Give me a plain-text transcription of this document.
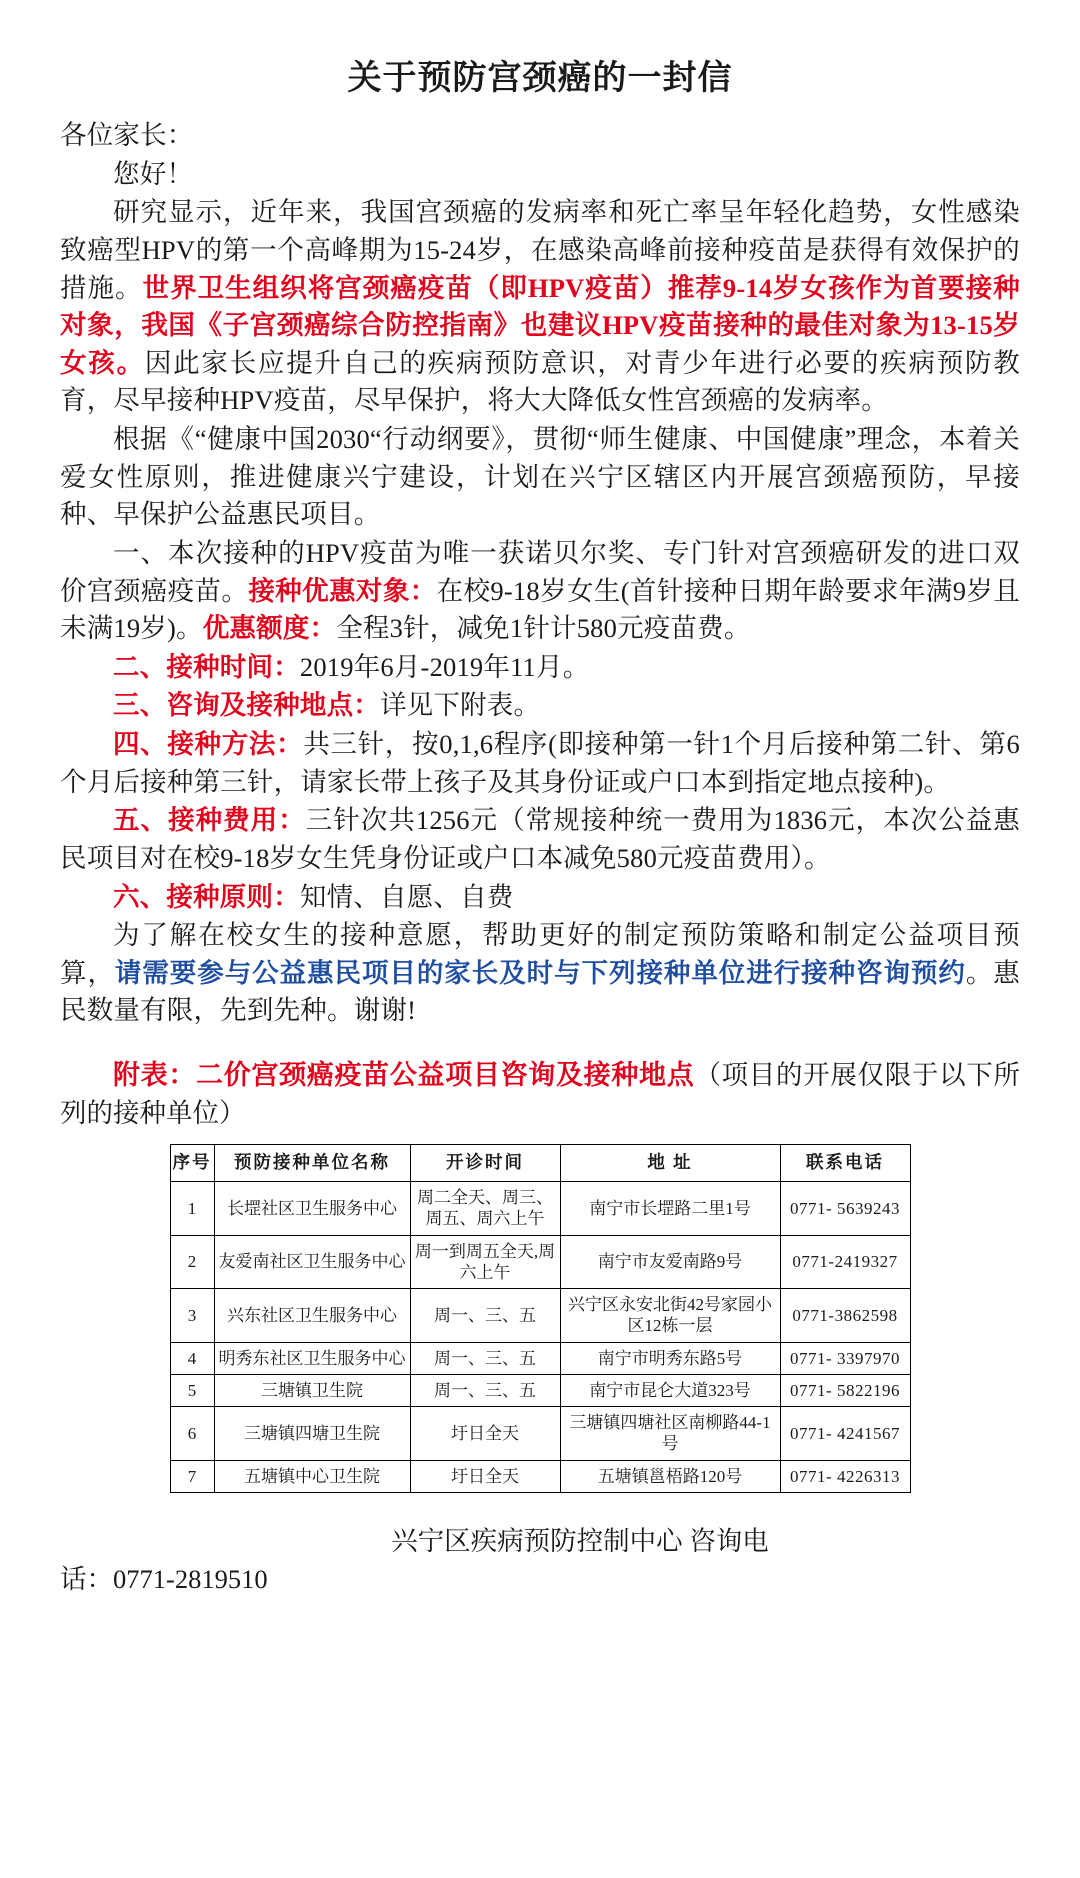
关于预防宫颈癌的一封信

各位家长：

您好！

研究显示，近年来，我国宫颈癌的发病率和死亡率呈年轻化趋势，女性感染致癌型HPV的第一个高峰期为15-24岁，在感染高峰前接种疫苗是获得有效保护的措施。世界卫生组织将宫颈癌疫苗（即HPV疫苗）推荐9-14岁女孩作为首要接种对象，我国《子宫颈癌综合防控指南》也建议HPV疫苗接种的最佳对象为13-15岁女孩。因此家长应提升自己的疾病预防意识，对青少年进行必要的疾病预防教育，尽早接种HPV疫苗，尽早保护，将大大降低女性宫颈癌的发病率。

根据《“健康中国2030“行动纲要》，贯彻“师生健康、中国健康”理念，本着关爱女性原则，推进健康兴宁建设，计划在兴宁区辖区内开展宫颈癌预防，早接种、早保护公益惠民项目。

一、本次接种的HPV疫苗为唯一获诺贝尔奖、专门针对宫颈癌研发的进口双价宫颈癌疫苗。接种优惠对象：在校9-18岁女生(首针接种日期年龄要求年满9岁且未满19岁)。优惠额度：全程3针，减免1针计580元疫苗费。

二、接种时间：2019年6月-2019年11月。

三、咨询及接种地点：详见下附表。

四、接种方法：共三针，按0,1,6程序(即接种第一针1个月后接种第二针、第6个月后接种第三针，请家长带上孩子及其身份证或户口本到指定地点接种)。

五、接种费用：三针次共1256元（常规接种统一费用为1836元，本次公益惠民项目对在校9-18岁女生凭身份证或户口本减免580元疫苗费用）。

六、接种原则：知情、自愿、自费

为了解在校女生的接种意愿，帮助更好的制定预防策略和制定公益项目预算，请需要参与公益惠民项目的家长及时与下列接种单位进行接种咨询预约。惠民数量有限，先到先种。谢谢!

附表：二价宫颈癌疫苗公益项目咨询及接种地点（项目的开展仅限于以下所列的接种单位）
序号	预防接种单位名称	开诊时间	地 址	联系电话
1	长堽社区卫生服务中心	周二全天、周三、周五、周六上午	南宁市长堽路二里1号	0771- 5639243
2	友爱南社区卫生服务中心	周一到周五全天,周六上午	南宁市友爱南路9号	0771-2419327
3	兴东社区卫生服务中心	周一、三、五	兴宁区永安北街42号家园小区12栋一层	0771-3862598
4	明秀东社区卫生服务中心	周一、三、五	南宁市明秀东路5号	0771- 3397970
5	三塘镇卫生院	周一、三、五	南宁市昆仑大道323号	0771- 5822196
6	三塘镇四塘卫生院	圩日全天	三塘镇四塘社区南柳路44-1号	0771- 4241567
7	五塘镇中心卫生院	圩日全天	五塘镇邕梧路120号	0771- 4226313
兴宁区疾病预防控制中心 咨询电
话：0771-2819510
